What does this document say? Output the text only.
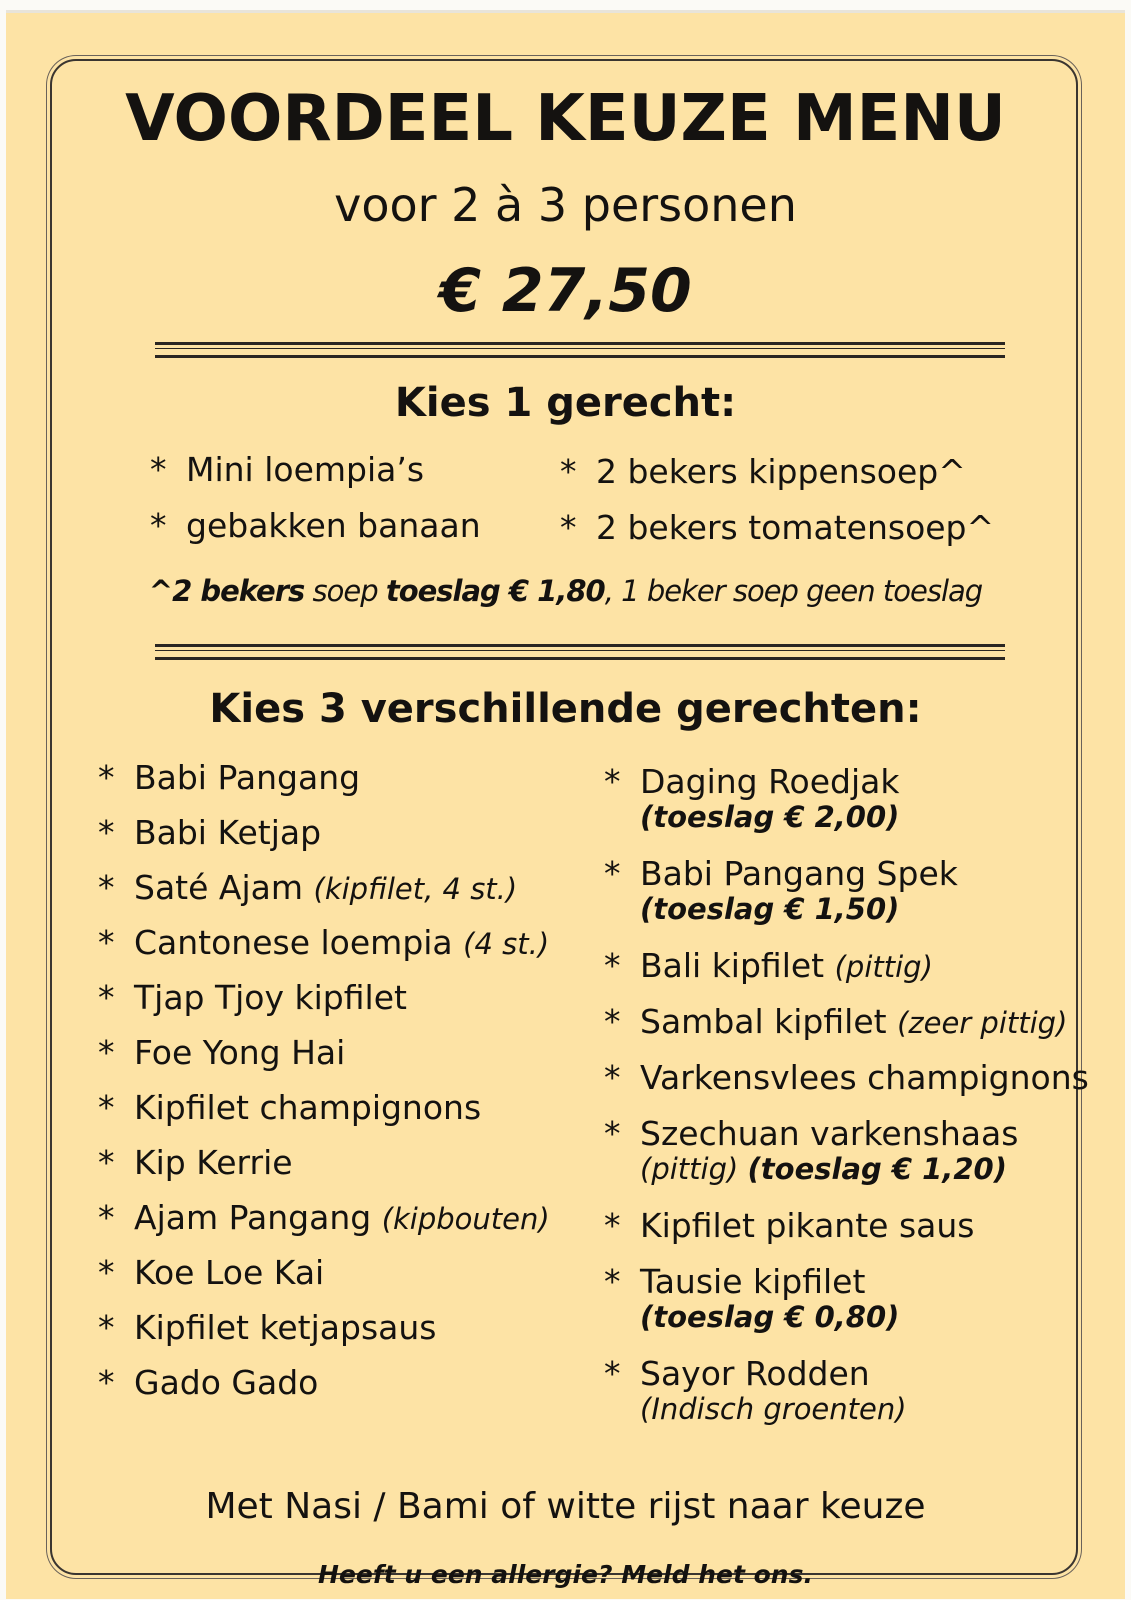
VOORDEEL KEUZE MENU
voor 2 à 3 personen
€ 27,50
Kies 1 gerecht:
* Mini loempia’s
* gebakken banaan
* 2 bekers kippensoep^
* 2 bekers tomatensoep^
^2 bekers soep toeslag € 1,80, 1 beker soep geen toeslag
Kies 3 verschillende gerechten:
* Babi Pangang
* Babi Ketjap
* Saté Ajam (kipfilet, 4 st.)
* Cantonese loempia (4 st.)
* Tjap Tjoy kipfilet
* Foe Yong Hai
* Kipfilet champignons
* Kip Kerrie
* Ajam Pangang (kipbouten)
* Koe Loe Kai
* Kipfilet ketjapsaus
* Gado Gado
* Daging Roedjak
(toeslag € 2,00)
* Babi Pangang Spek
(toeslag € 1,50)
* Bali kipfilet (pittig)
* Sambal kipfilet (zeer pittig)
* Varkensvlees champignons
* Szechuan varkenshaas
(pittig) (toeslag € 1,20)
* Kipfilet pikante saus
* Tausie kipfilet
(toeslag € 0,80)
* Sayor Rodden
(Indisch groenten)
Met Nasi / Bami of witte rijst naar keuze
Heeft u een allergie? Meld het ons.
